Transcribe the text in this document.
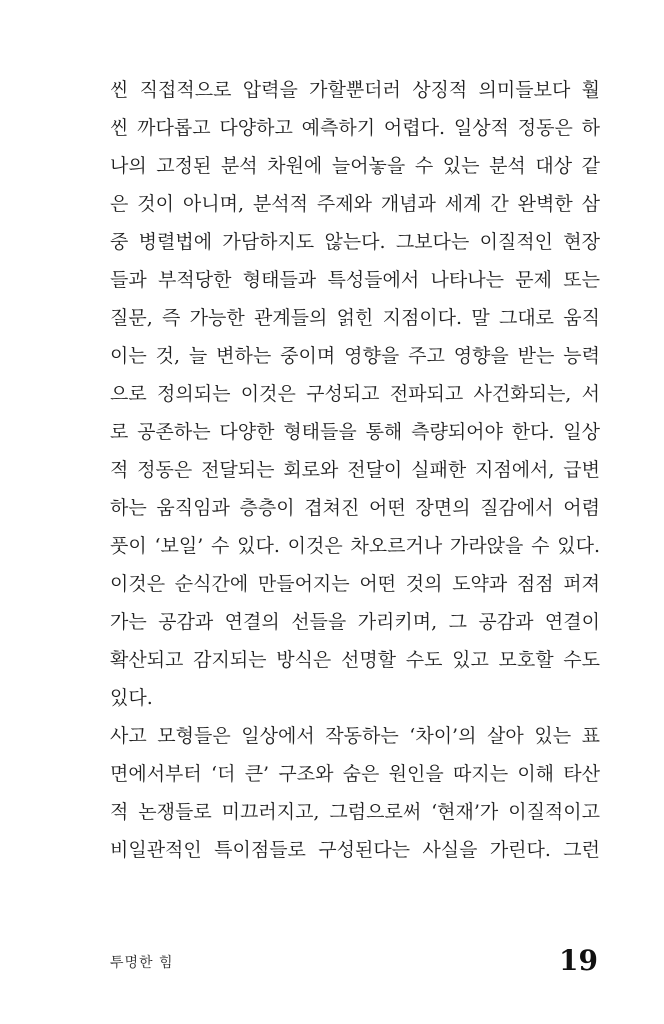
씬 직접적으로 압력을 가할뿐더러 상징적 의미들보다 훨
씬 까다롭고 다양하고 예측하기 어렵다. 일상적 정동은 하
나의 고정된 분석 차원에 늘어놓을 수 있는 분석 대상 같
은 것이 아니며, 분석적 주제와 개념과 세계 간 완벽한 삼
중 병렬법에 가담하지도 않는다. 그보다는 이질적인 현장
들과 부적당한 형태들과 특성들에서 나타나는 문제 또는
질문, 즉 가능한 관계들의 얽힌 지점이다. 말 그대로 움직
이는 것, 늘 변하는 중이며 영향을 주고 영향을 받는 능력
으로 정의되는 이것은 구성되고 전파되고 사건화되는, 서
로 공존하는 다양한 형태들을 통해 측량되어야 한다. 일상
적 정동은 전달되는 회로와 전달이 실패한 지점에서, 급변
하는 움직임과 층층이 겹쳐진 어떤 장면의 질감에서 어렴
풋이 ‘보일’ 수 있다. 이것은 차오르거나 가라앉을 수 있다.
이것은 순식간에 만들어지는 어떤 것의 도약과 점점 퍼져
가는 공감과 연결의 선들을 가리키며, 그 공감과 연결이
확산되고 감지되는 방식은 선명할 수도 있고 모호할 수도
있다.
사고 모형들은 일상에서 작동하는 ‘차이’의 살아 있는 표
면에서부터 ‘더 큰’ 구조와 숨은 원인을 따지는 이해 타산
적 논쟁들로 미끄러지고, 그럼으로써 ‘현재’가 이질적이고
비일관적인 특이점들로 구성된다는 사실을 가린다. 그런
투명한 힘	19
